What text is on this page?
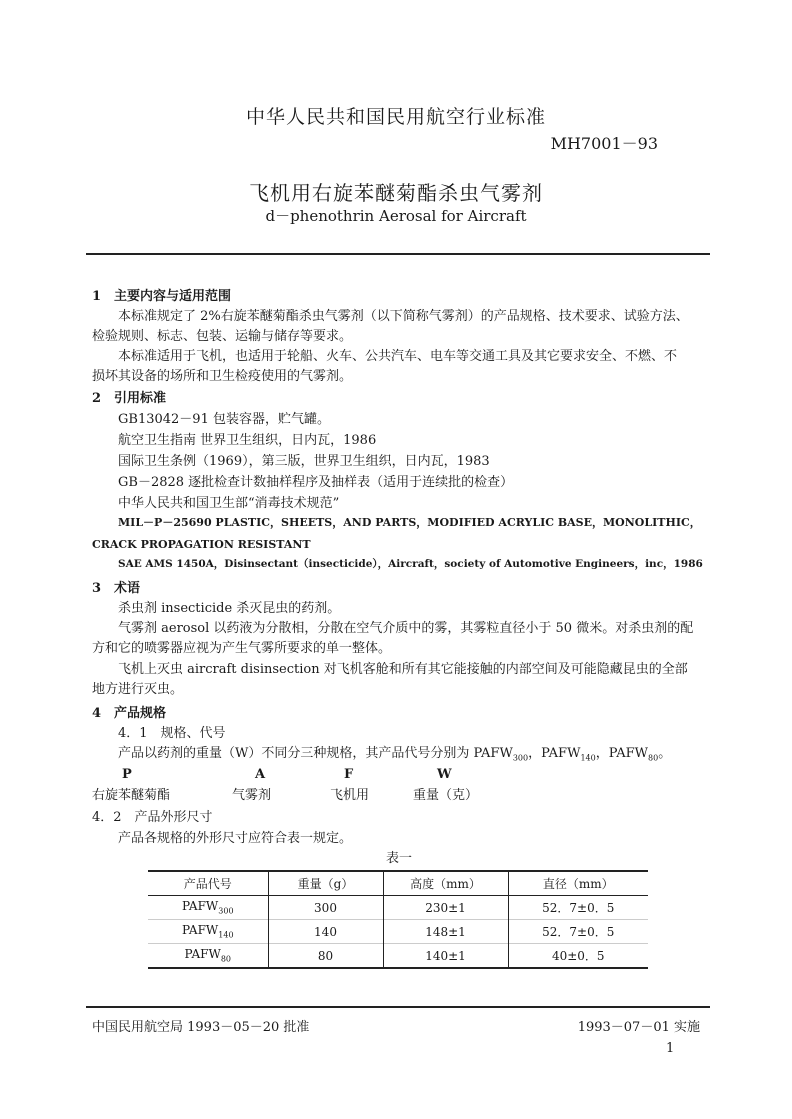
中华人民共和国民用航空行业标准
MH7001－93
飞机用右旋苯醚菊酯杀虫气雾剂
d－phenothrin Aerosal for Aircraft
1　主要内容与适用范围
本标准规定了 2%右旋苯醚菊酯杀虫气雾剂（以下简称气雾剂）的产品规格、技术要求、试验方法、
检验规则、标志、包装、运输与储存等要求。
本标准适用于飞机，也适用于轮船、火车、公共汽车、电车等交通工具及其它要求安全、不燃、不
损坏其设备的场所和卫生检疫使用的气雾剂。
2　引用标准
GB13042－91 包装容器，贮气罐。
航空卫生指南 世界卫生组织，日内瓦，1986
国际卫生条例（1969），第三版，世界卫生组织，日内瓦，1983
GB－2828 逐批检查计数抽样程序及抽样表（适用于连续批的检查）
中华人民共和国卫生部“消毒技术规范”
MIL－P－25690 PLASTIC，SHEETS，AND PARTS，MODIFIED ACRYLIC BASE，MONOLITHIC，
CRACK PROPAGATION RESISTANT
SAE AMS 1450A，Disinsectant（insecticide），Aircraft，society of Automotive Engineers，inc，1986
3　术语
杀虫剂 insecticide 杀灭昆虫的药剂。
气雾剂 aerosol 以药液为分散相，分散在空气介质中的雾，其雾粒直径小于 50 微米。对杀虫剂的配
方和它的喷雾器应视为产生气雾所要求的单一整体。
飞机上灭虫 aircraft disinsection 对飞机客舱和所有其它能接触的内部空间及可能隐藏昆虫的全部
地方进行灭虫。
4　产品规格
4．1　规格、代号
产品以药剂的重量（W）不同分三种规格，其产品代号分别为 $PAFW_{300}$，$PAFW_{140}$，$PAFW_{80}$。
P	A	F	W
右旋苯醚菊酯	气雾剂	飞机用	重量（克）
4．2　产品外形尺寸
产品各规格的外形尺寸应符合表一规定。
表一
产品代号	重量（g）	高度（mm）	直径（mm）
$PAFW_{300}$	300	230±1	52．7±0．5
$PAFW_{140}$	140	148±1	52．7±0．5
$PAFW_{80}$	80	140±1	40±0．5
中国民用航空局 1993－05－20 批准	1993－07－01 实施
1
